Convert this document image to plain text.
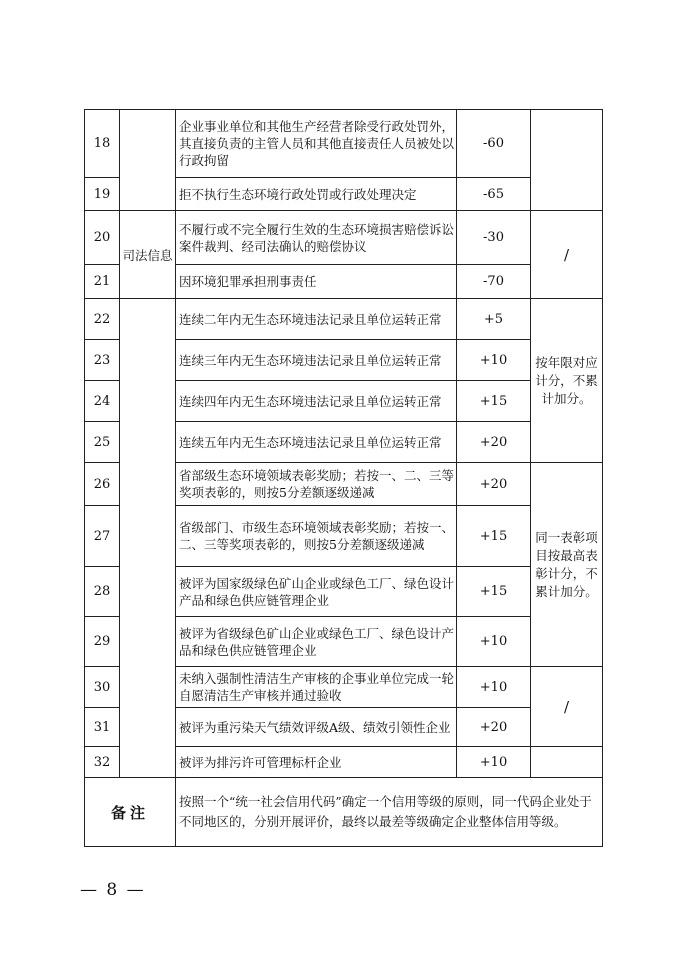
18		企业事业单位和其他生产经营者除受行政处罚外，其直接负责的主管人员和其他直接责任人员被处以行政拘留	-60	
19		拒不执行生态环境行政处罚或行政处理决定	-65	
20	司法信息	不履行或不完全履行生效的生态环境损害赔偿诉讼案件裁判、经司法确认的赔偿协议	-30	/
21		因环境犯罪承担刑事责任	-70	
22		连续二年内无生态环境违法记录且单位运转正常	+5	按年限对应计分，不累计加分。
23		连续三年内无生态环境违法记录且单位运转正常	+10	
24		连续四年内无生态环境违法记录且单位运转正常	+15	
25		连续五年内无生态环境违法记录且单位运转正常	+20	
26		省部级生态环境领域表彰奖励；若按一、二、三等奖项表彰的，则按5分差额逐级递减	+20	同一表彰项目按最高表彰计分，不累计加分。
27		省级部门、市级生态环境领域表彰奖励；若按一、二、三等奖项表彰的，则按5分差额逐级递减	+15	
28		被评为国家级绿色矿山企业或绿色工厂、绿色设计产品和绿色供应链管理企业	+15	
29		被评为省级绿色矿山企业或绿色工厂、绿色设计产品和绿色供应链管理企业	+10	
30		未纳入强制性清洁生产审核的企事业单位完成一轮自愿清洁生产审核并通过验收	+10	/
31		被评为重污染天气绩效评级A级、绩效引领性企业	+20	
32		被评为排污许可管理标杆企业	+10	
备注		按照一个“统一社会信用代码”确定一个信用等级的原则，同一代码企业处于不同地区的，分别开展评价，最终以最差等级确定企业整体信用等级。		
— 8 —
